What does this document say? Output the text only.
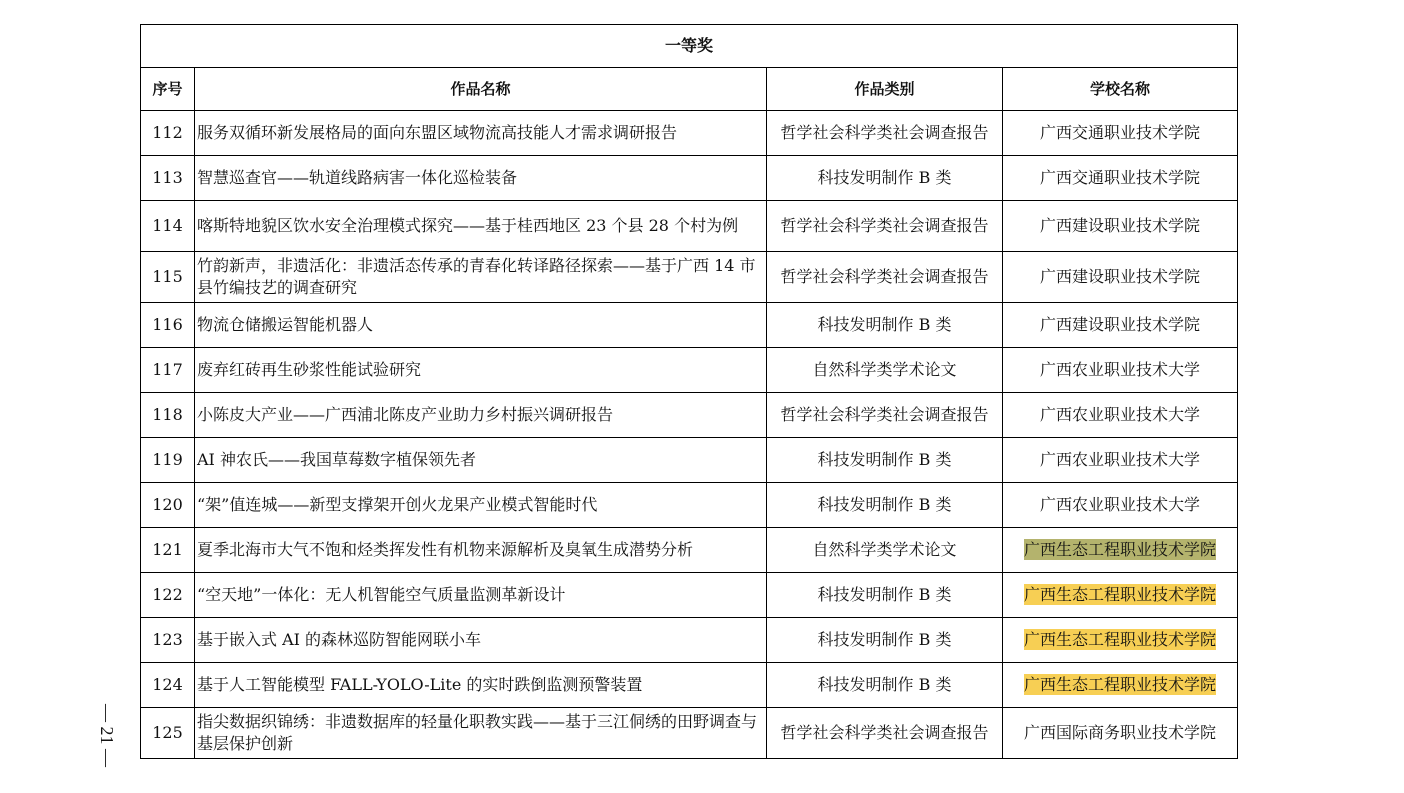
— 21 —
一等奖			
序号	作品名称	作品类别	学校名称
112	服务双循环新发展格局的面向东盟区域物流高技能人才需求调研报告	哲学社会科学类社会调查报告	广西交通职业技术学院
113	智慧巡查官——轨道线路病害一体化巡检装备	科技发明制作 B 类	广西交通职业技术学院
114	喀斯特地貌区饮水安全治理模式探究——基于桂西地区 23 个县 28 个村为例	哲学社会科学类社会调查报告	广西建设职业技术学院
115	竹韵新声，非遗活化：非遗活态传承的青春化转译路径探索——基于广西 14 市县竹编技艺的调查研究	哲学社会科学类社会调查报告	广西建设职业技术学院
116	物流仓储搬运智能机器人	科技发明制作 B 类	广西建设职业技术学院
117	废弃红砖再生砂浆性能试验研究	自然科学类学术论文	广西农业职业技术大学
118	小陈皮大产业——广西浦北陈皮产业助力乡村振兴调研报告	哲学社会科学类社会调查报告	广西农业职业技术大学
119	AI 神农氏——我国草莓数字植保领先者	科技发明制作 B 类	广西农业职业技术大学
120	“架”值连城——新型支撑架开创火龙果产业模式智能时代	科技发明制作 B 类	广西农业职业技术大学
121	夏季北海市大气不饱和烃类挥发性有机物来源解析及臭氧生成潜势分析	自然科学类学术论文	广西生态工程职业技术学院
122	“空天地”一体化：无人机智能空气质量监测革新设计	科技发明制作 B 类	广西生态工程职业技术学院
123	基于嵌入式 AI 的森林巡防智能网联小车	科技发明制作 B 类	广西生态工程职业技术学院
124	基于人工智能模型 FALL-YOLO-Lite 的实时跌倒监测预警装置	科技发明制作 B 类	广西生态工程职业技术学院
125	指尖数据织锦绣：非遗数据库的轻量化职教实践——基于三江侗绣的田野调查与基层保护创新	哲学社会科学类社会调查报告	广西国际商务职业技术学院
